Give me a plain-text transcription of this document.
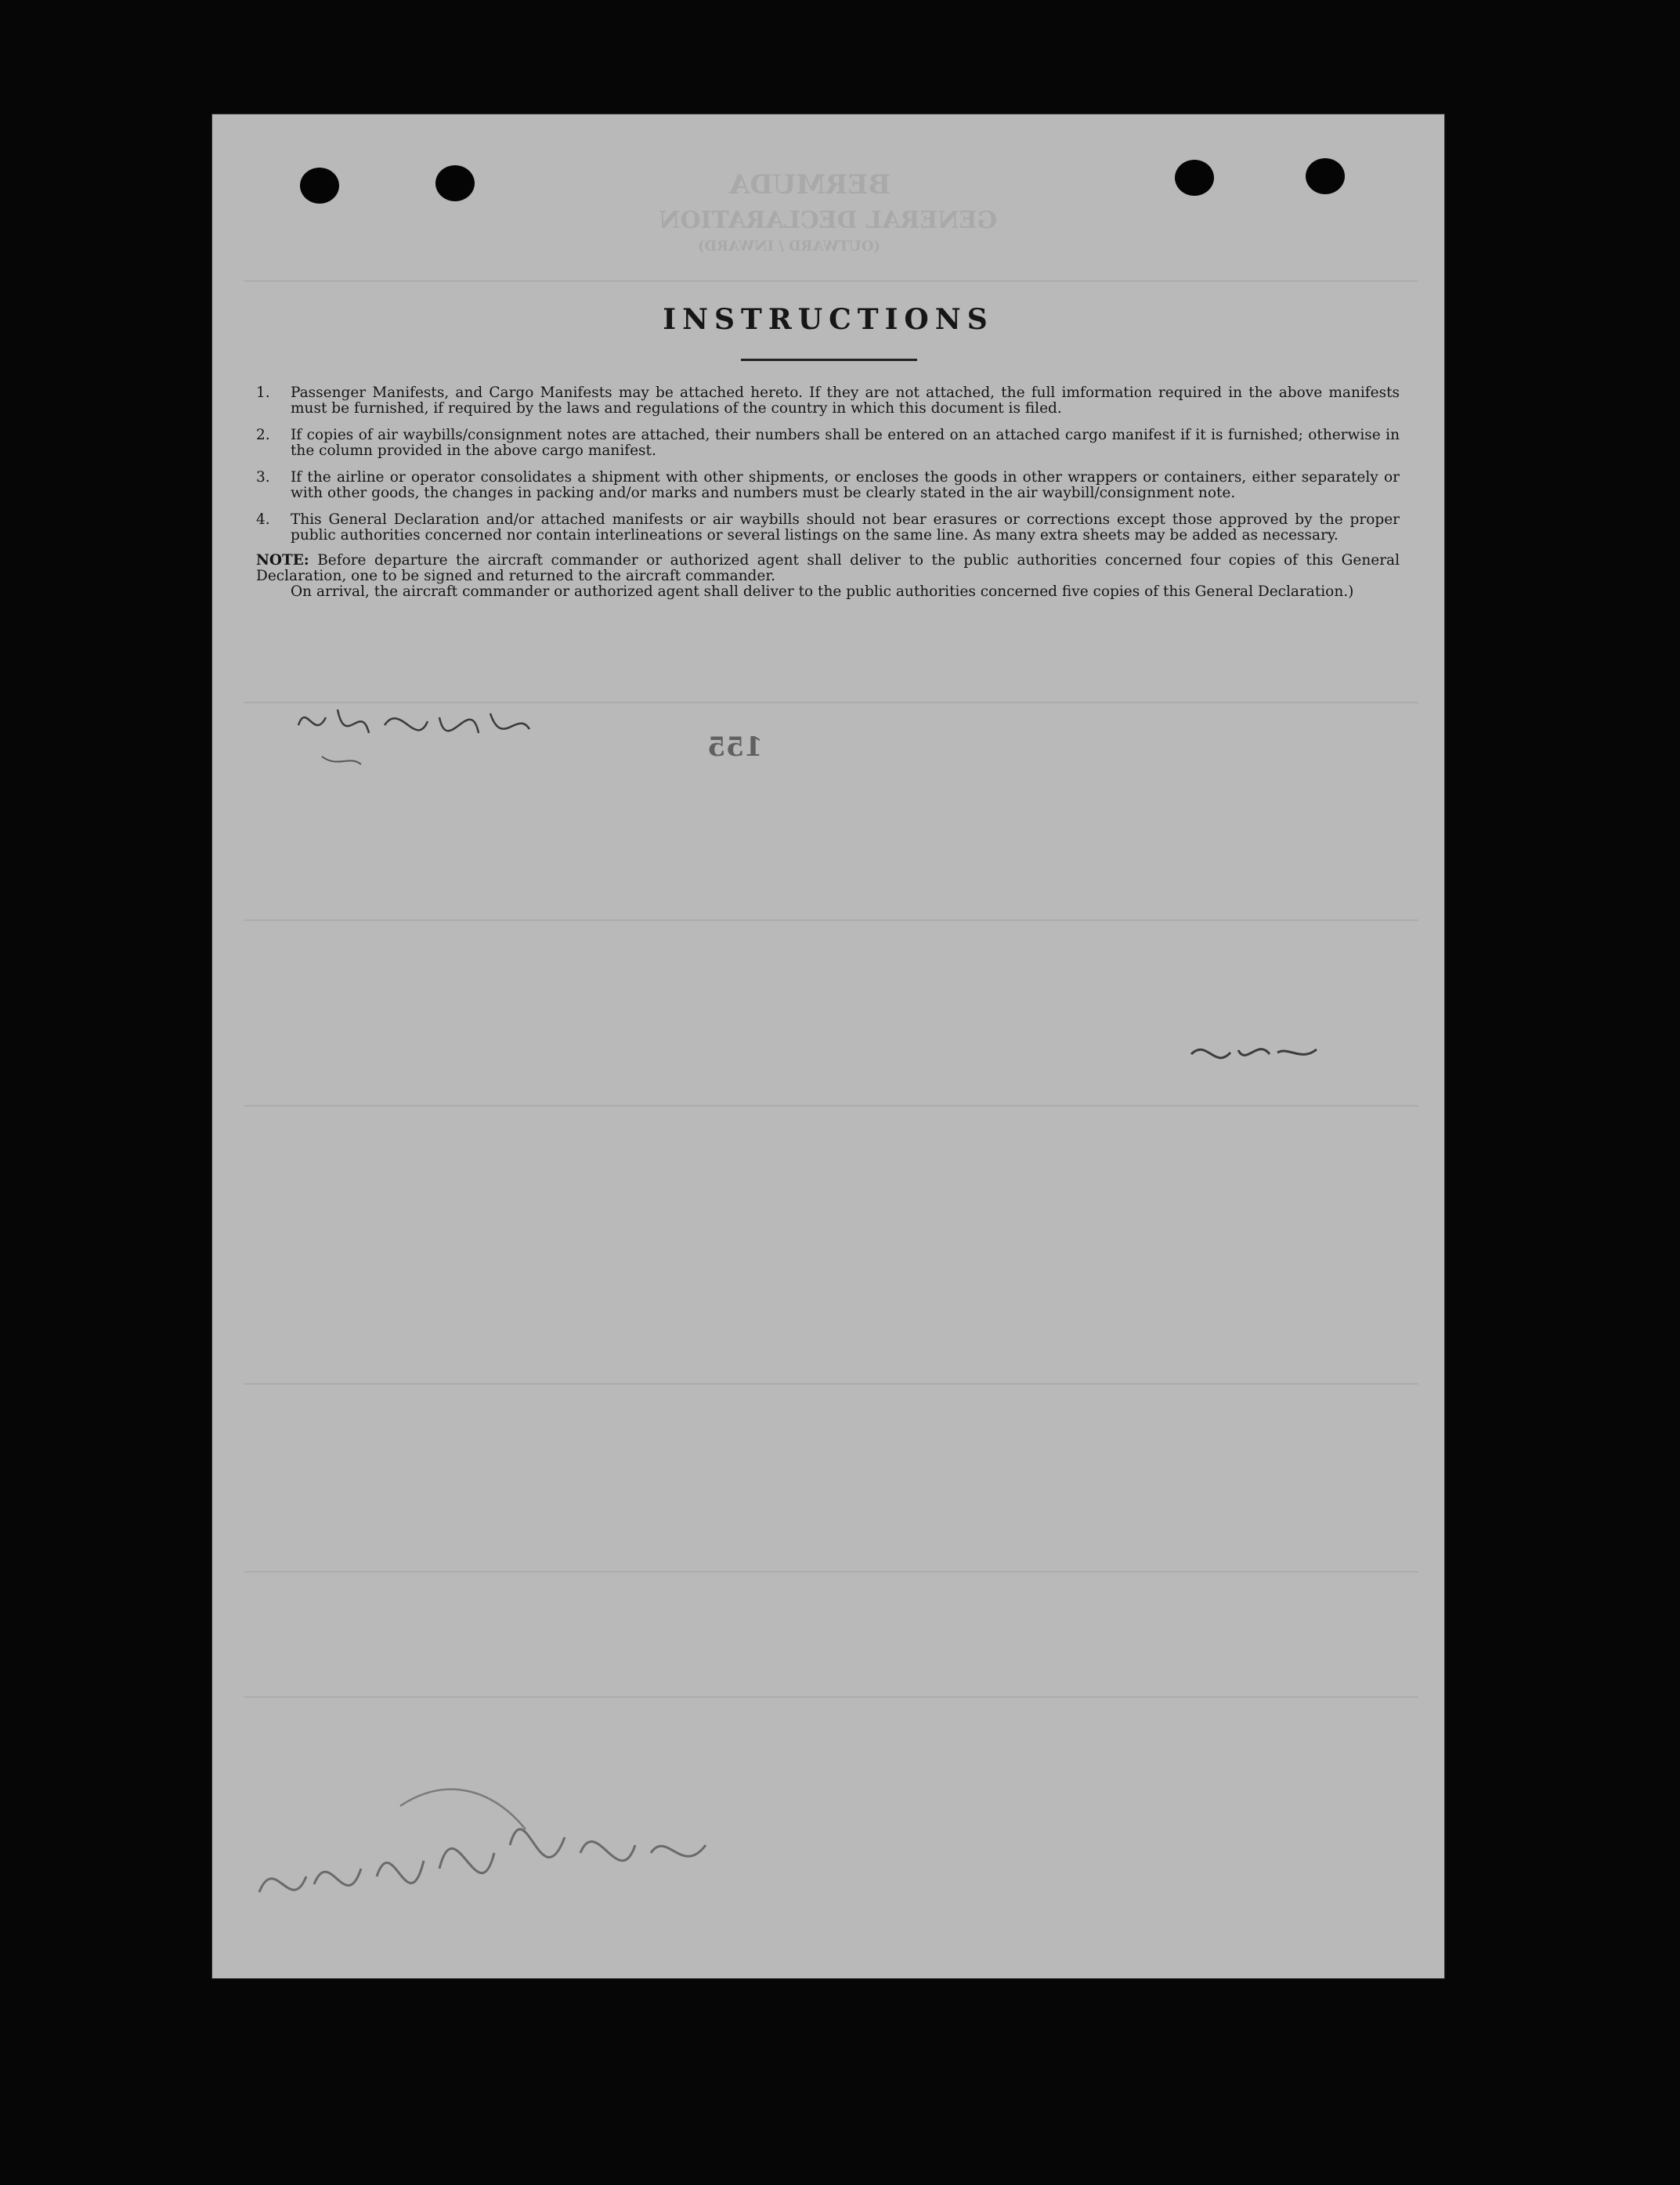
BERMUDA
GENERAL DECLARATION
(OUTWARD / INWARD)
INSTRUCTIONS
1.	Passenger Manifests, and Cargo Manifests may be attached hereto. If they are not attached, the full imformation required in the above manifests must be furnished, if required by the laws and regulations of the country in which this document is filed.
2.	If copies of air waybills/consignment notes are attached, their numbers shall be entered on an attached cargo manifest if it is furnished; otherwise in the column provided in the above cargo manifest.
3.	If the airline or operator consolidates a shipment with other shipments, or encloses the goods in other wrappers or containers, either separately or with other goods, the changes in packing and/or marks and numbers must be clearly stated in the air waybill/consignment note.
4.	This General Declaration and/or attached manifests or air waybills should not bear erasures or corrections except those approved by the proper public authorities concerned nor contain interlineations or several listings on the same line. As many extra sheets may be added as necessary.
NOTE: Before departure the aircraft commander or authorized agent shall deliver to the public authorities concerned four copies of this General Declaration, one to be signed and returned to the aircraft commander.
On arrival, the aircraft commander or authorized agent shall deliver to the public authorities concerned five copies of this General Declaration.)
155
